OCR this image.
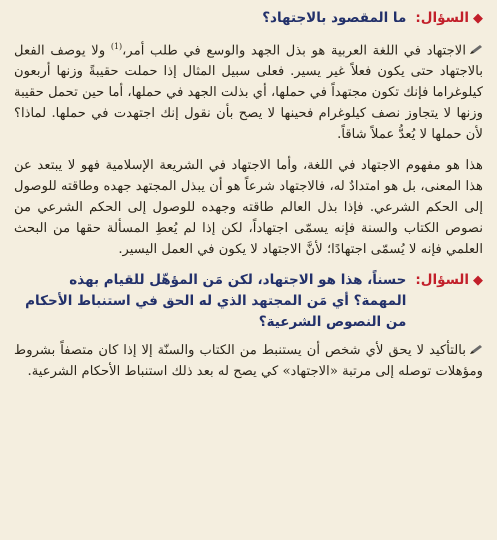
◆
السؤال:
ما المقصود بالاجتهاد؟

الاجتهاد في اللغة العربية هو بذل الجهد والوسع في طلب أمر،$^{(1)}$ ولا يوصف الفعل بالاجتهاد حتى يكون فعلاً غير يسير. فعلى سبيل المثال إذا حملت حقيبةً وزنها أربعون كيلوغراما فإنك تكون مجتهداً في حملها، أي بذلت الجهد في حملها، أما حين تحمل حقيبة وزنها لا يتجاوز نصف كيلوغرام فحينها لا يصح بأن نقول إنك اجتهدت في حملها. لماذا؟ لأن حملها لا يُعدُّ عملاً شاقاً.

هذا هو مفهوم الاجتهاد في اللغة، وأما الاجتهاد في الشريعة الإسلامية فهو لا يبتعد عن هذا المعنى، بل هو امتدادٌ له، فالاجتهاد شرعاً هو أن يبذل المجتهد جهده وطاقته للوصول إلى الحكم الشرعي. فإذا بذل العالم طاقته وجهده للوصول إلى الحكم الشرعي من نصوص الكتاب والسنة فإنه يسمّى اجتهاداً، لكن إذا لم يُعطِ المسألة حقها من البحث العلمي فإنه لا يُسمّى اجتهادًا؛ لأنَّ الاجتهاد لا يكون في العمل اليسير.

◆
السؤال:
حسناً، هذا هو الاجتهاد، لكن مَن المؤهّل للقيام بهذه المهمة؟ أي مَن المجتهد الذي له الحق في استنباط الأحكام من النصوص الشرعية؟

بالتأكيد لا يحق لأي شخص أن يستنبط من الكتاب والسنّة إلا إذا كان متصفاً بشروط ومؤهلات توصله إلى مرتبة «الاجتهاد» كي يصح له بعد ذلك استنباط الأحكام الشرعية.
